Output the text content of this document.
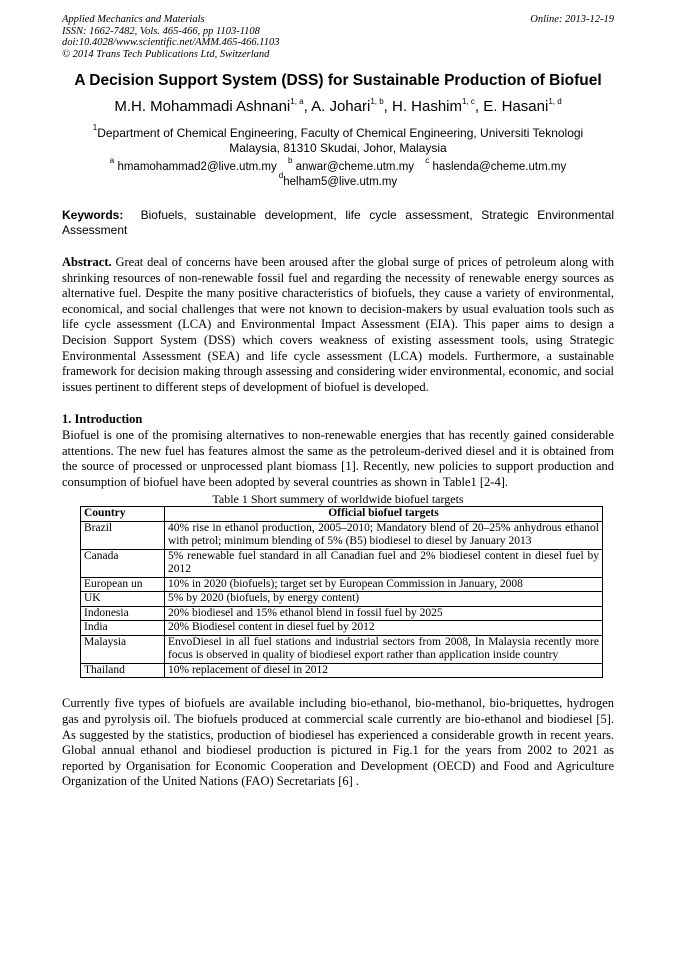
Applied Mechanics and Materials	Online: 2013-12-19
ISSN: 1662-7482, Vols. 465-466, pp 1103-1108
doi:10.4028/www.scientific.net/AMM.465-466.1103
© 2014 Trans Tech Publications Ltd, Switzerland
A Decision Support System (DSS) for Sustainable Production of Biofuel
M.H. Mohammadi Ashnani$^{1, a}$, A. Johari$^{1, b}$, H. Hashim$^{1, c}$, E. Hasani$^{1, d}$
$^1$Department of Chemical Engineering, Faculty of Chemical Engineering, Universiti Teknologi
Malaysia, 81310 Skudai, Johor, Malaysia
$^a$ hmamohammad2@live.utm.my $^b$ anwar@cheme.utm.my $^c$ haslenda@cheme.utm.my
$^d$helham5@live.utm.my
Keywords: Biofuels, sustainable development, life cycle assessment, Strategic Environmental Assessment
Abstract. Great deal of concerns have been aroused after the global surge of prices of petroleum along with shrinking resources of non-renewable fossil fuel and regarding the necessity of renewable energy sources as alternative fuel. Despite the many positive characteristics of biofuels, they cause a variety of environmental, economical, and social challenges that were not known to decision-makers by usual evaluation tools such as life cycle assessment (LCA) and Environmental Impact Assessment (EIA). This paper aims to design a Decision Support System (DSS) which covers weakness of existing assessment tools, using Strategic Environmental Assessment (SEA) and life cycle assessment (LCA) models. Furthermore, a sustainable framework for decision making through assessing and considering wider environmental, economic, and social issues pertinent to different steps of development of biofuel is developed.
1. Introduction
Biofuel is one of the promising alternatives to non-renewable energies that has recently gained considerable attentions. The new fuel has features almost the same as the petroleum-derived diesel and it is obtained from the source of processed or unprocessed plant biomass [1]. Recently, new policies to support production and consumption of biofuel have been adopted by several countries as shown in Table1 [2-4].
Table 1 Short summery of worldwide biofuel targets
Country	Official biofuel targets
Brazil	40% rise in ethanol production, 2005–2010; Mandatory blend of 20–25% anhydrous ethanol with petrol; minimum blending of 5% (B5) biodiesel to diesel by January 2013
Canada	5% renewable fuel standard in all Canadian fuel and 2% biodiesel content in diesel fuel by 2012
European un	10% in 2020 (biofuels); target set by European Commission in January, 2008
UK	5% by 2020 (biofuels, by energy content)
Indonesia	20% biodiesel and 15% ethanol blend in fossil fuel by 2025
India	20% Biodiesel content in diesel fuel by 2012
Malaysia	EnvoDiesel in all fuel stations and industrial sectors from 2008, In Malaysia recently more focus is observed in quality of biodiesel export rather than application inside country
Thailand	10% replacement of diesel in 2012
Currently five types of biofuels are available including bio-ethanol, bio-methanol, bio-briquettes, hydrogen gas and pyrolysis oil. The biofuels produced at commercial scale currently are bio-ethanol and biodiesel [5]. As suggested by the statistics, production of biodiesel has experienced a considerable growth in recent years. Global annual ethanol and biodiesel production is pictured in Fig.1 for the years from 2002 to 2021 as reported by Organisation for Economic Cooperation and Development (OECD) and Food and Agriculture Organization of the United Nations (FAO) Secretariats [6] .
